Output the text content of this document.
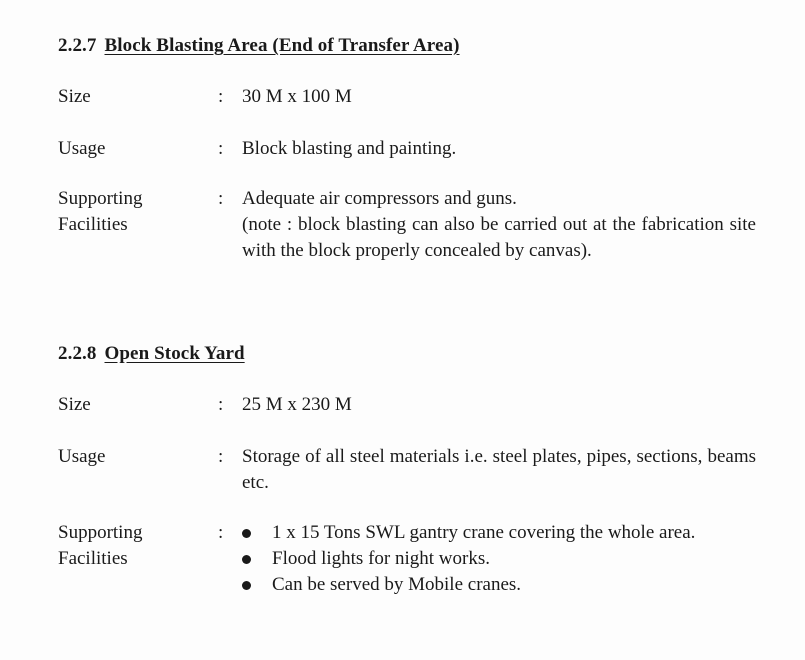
2.2.7 Block Blasting Area (End of Transfer Area)
Size	: 30 M x 100 M
Usage	: Block blasting and painting.
Supporting
Facilities
: Adequate air compressors and guns.
(note : block blasting can also be carried out at the fabrication site with the block properly concealed by canvas).
2.2.8 Open Stock Yard
Size	: 25 M x 230 M
Usage	: Storage of all steel materials i.e. steel plates, pipes, sections, beams etc.
Supporting
Facilities
:	1 x 15 Tons SWL gantry crane covering the whole area.
Flood lights for night works.
Can be served by Mobile cranes.
